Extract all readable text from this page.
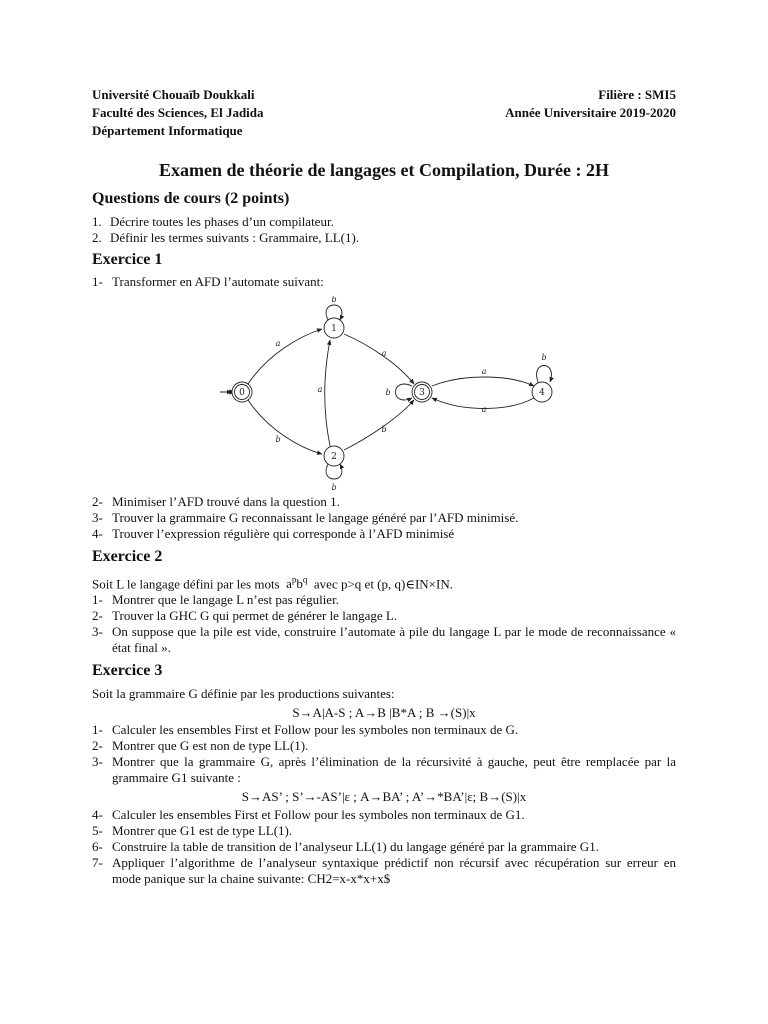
Université Chouaïb Doukkali
Faculté des Sciences, El Jadida
Département Informatique
Filière : SMI5
Année Universitaire 2019-2020
Examen de théorie de langages et Compilation, Durée : 2H
Questions de cours (2 points)
1. Décrire toutes les phases d’un compilateur.
2. Définir les termes suivants : Grammaire, LL(1).
Exercice 1
1- Transformer en AFD l’automate suivant:
0
1
2
3	4
a
b
b
b
a
a
b
b
a
a
b
2- Minimiser l’AFD trouvé dans la question 1.
3- Trouver la grammaire G reconnaissant le langage généré par l’AFD minimisé.
4- Trouver l’expression régulière qui corresponde à l’AFD minimisé
Exercice 2
Soit L le langage défini par les mots  $a^pb^q$ avec p>q et (p, q)∈IN×IN.
1- Montrer que le langage L n’est pas régulier.
2- Trouver la GHC G qui permet de générer le langage L.
3- On suppose que la pile est vide, construire l’automate à pile du langage L par le mode de reconnaissance « état final ».
Exercice 3
Soit la grammaire G définie par les productions suivantes:
S→A|A-S ; A→B |B*A ; B →(S)|x
1- Calculer les ensembles First et Follow pour les symboles non terminaux de G.
2- Montrer que G est non de type LL(1).
3- Montrer que la grammaire G, après l’élimination de la récursivité à gauche, peut être remplacée par la grammaire G1 suivante :
S→AS’ ; S’→-AS’|ε ; A→BA’ ; A’→*BA’|ε; B→(S)|x
4- Calculer les ensembles First et Follow pour les symboles non terminaux de G1.
5- Montrer que G1 est de type LL(1).
6- Construire la table de transition de l’analyseur LL(1) du langage généré par la grammaire G1.
7- Appliquer l’algorithme de l’analyseur syntaxique prédictif non récursif avec récupération sur erreur en mode panique sur la chaine suivante: CH2=x-x*x+x$
